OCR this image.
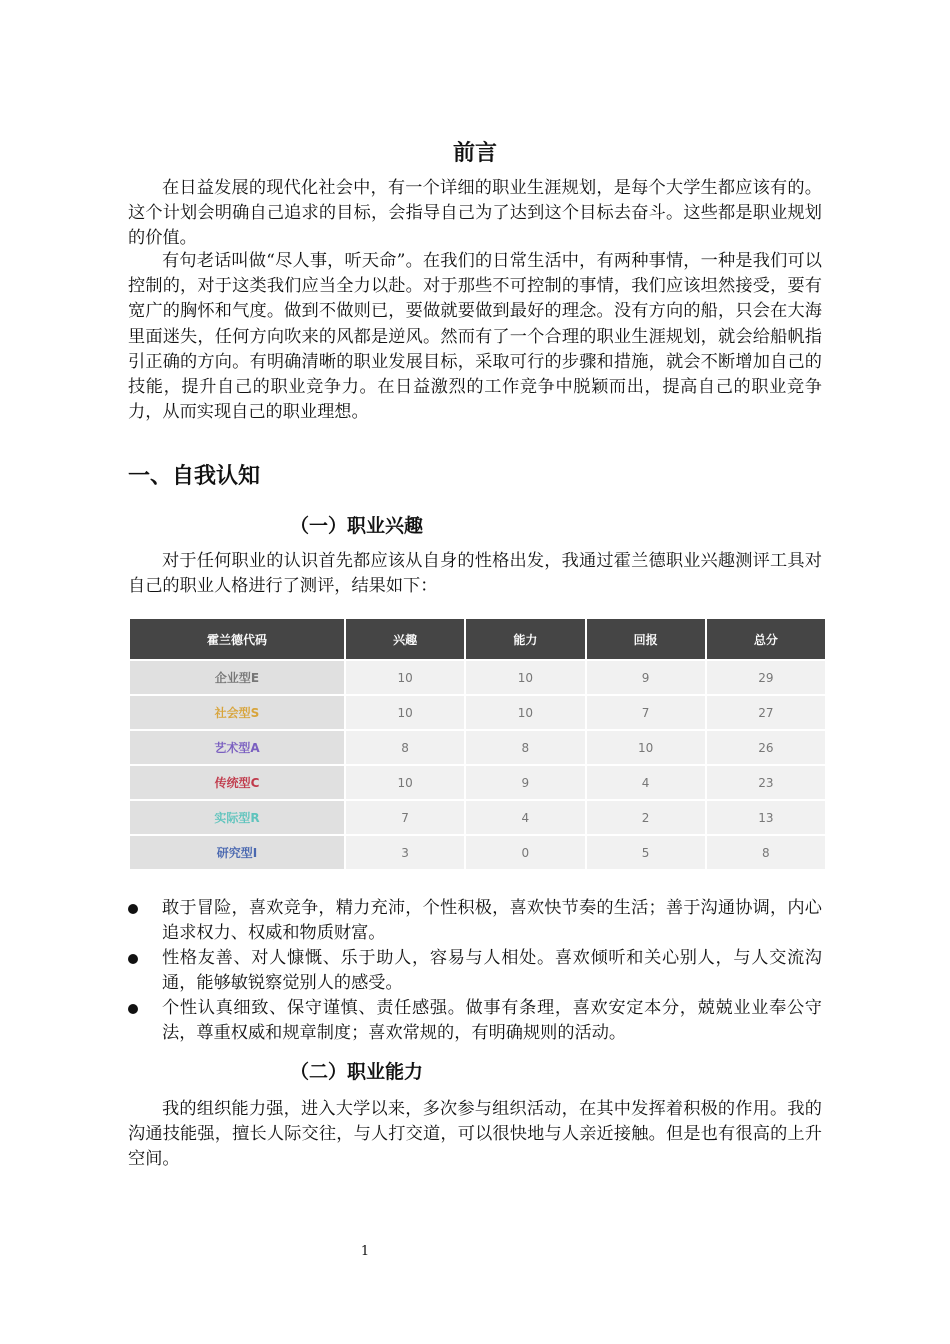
前言

在日益发展的现代化社会中，有一个详细的职业生涯规划，是每个大学生都应该有的。这个计划会明确自己追求的目标，会指导自己为了达到这个目标去奋斗。这些都是职业规划的价值。

有句老话叫做“尽人事，听天命”。在我们的日常生活中，有两种事情，一种是我们可以控制的，对于这类我们应当全力以赴。对于那些不可控制的事情，我们应该坦然接受，要有宽广的胸怀和气度。做到不做则已，要做就要做到最好的理念。没有方向的船，只会在大海里面迷失，任何方向吹来的风都是逆风。然而有了一个合理的职业生涯规划，就会给船帆指引正确的方向。有明确清晰的职业发展目标，采取可行的步骤和措施，就会不断增加自己的技能，提升自己的职业竞争力。在日益激烈的工作竞争中脱颖而出，提高自己的职业竞争力，从而实现自己的职业理想。

一、自我认知
（一）职业兴趣

对于任何职业的认识首先都应该从自身的性格出发，我通过霍兰德职业兴趣测评工具对自己的职业人格进行了测评，结果如下：

霍兰德代码	兴趣	能力	回报	总分
企业型E	10	10	9	29
社会型S	10	10	7	27
艺术型A	8	8	10	26
传统型C	10	9	4	23
实际型R	7	4	2	13
研究型I	3	0	5	8
敢于冒险，喜欢竞争，精力充沛，个性积极，喜欢快节奏的生活；善于沟通协调，内心追求权力、权威和物质财富。
性格友善、对人慷慨、乐于助人，容易与人相处。喜欢倾听和关心别人，与人交流沟通，能够敏锐察觉别人的感受。
个性认真细致、保守谨慎、责任感强。做事有条理，喜欢安定本分，兢兢业业奉公守法，尊重权威和规章制度；喜欢常规的，有明确规则的活动。
（二）职业能力

我的组织能力强，进入大学以来，多次参与组织活动，在其中发挥着积极的作用。我的沟通技能强，擅长人际交往，与人打交道，可以很快地与人亲近接触。但是也有很高的上升空间。

1
